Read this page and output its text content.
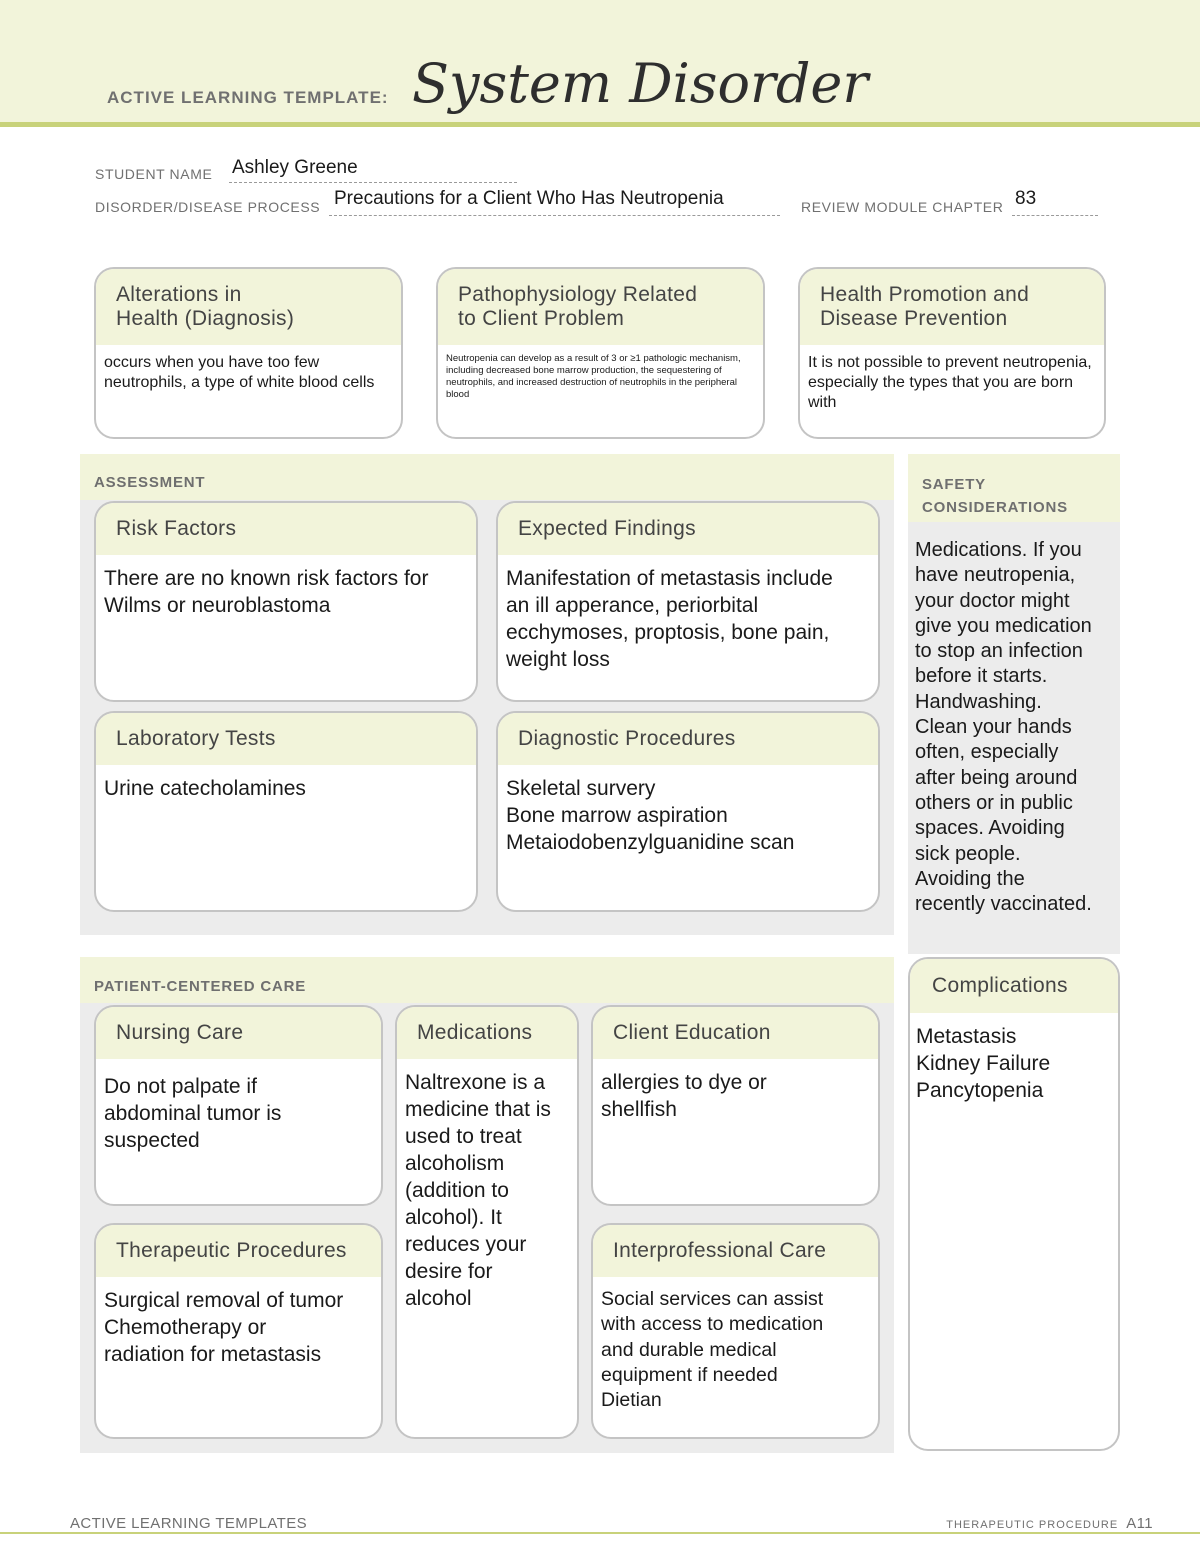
ACTIVE LEARNING TEMPLATE: System Disorder
STUDENT NAME Ashley Greene
DISORDER/DISEASE PROCESS Precautions for a Client Who Has Neutropenia	REVIEW MODULE CHAPTER 83
Alterations in
Health (Diagnosis)
occurs when you have too few neutrophils, a type of white blood cells
Pathophysiology Related
to Client Problem
Neutropenia can develop as a result of 3 or ≥1 pathologic mechanism, including decreased bone marrow production, the sequestering of neutrophils, and increased destruction of neutrophils in the peripheral blood
Health Promotion and
Disease Prevention
It is not possible to prevent neutropenia, especially the types that you are born with
ASSESSMENT
Risk Factors
There are no known risk factors for
Wilms or neuroblastoma
Expected Findings
Manifestation of metastasis include
an ill apperance, periorbital
ecchymoses, proptosis, bone pain,
weight loss
Laboratory Tests
Urine catecholamines
Diagnostic Procedures
Skeletal survery
Bone marrow aspiration
Metaiodobenzylguanidine scan
SAFETY
CONSIDERATIONS
Medications. If you
have neutropenia,
your doctor might
give you medication
to stop an infection
before it starts.
Handwashing.
Clean your hands
often, especially
after being around
others or in public
spaces. Avoiding
sick people.
Avoiding the
recently vaccinated.
PATIENT-CENTERED CARE
Nursing Care
Do not palpate if
abdominal tumor is
suspected
Medications
Naltrexone is a
medicine that is
used to treat
alcoholism
(addition to
alcohol). It
reduces your
desire for
alcohol
Client Education
allergies to dye or
shellfish
Therapeutic Procedures
Surgical removal of tumor
Chemotherapy or
radiation for metastasis
Interprofessional Care
Social services can assist
with access to medication
and durable medical
equipment if needed
Dietian
Complications
Metastasis
Kidney Failure
Pancytopenia
ACTIVE LEARNING TEMPLATES	THERAPEUTIC PROCEDURE A11
